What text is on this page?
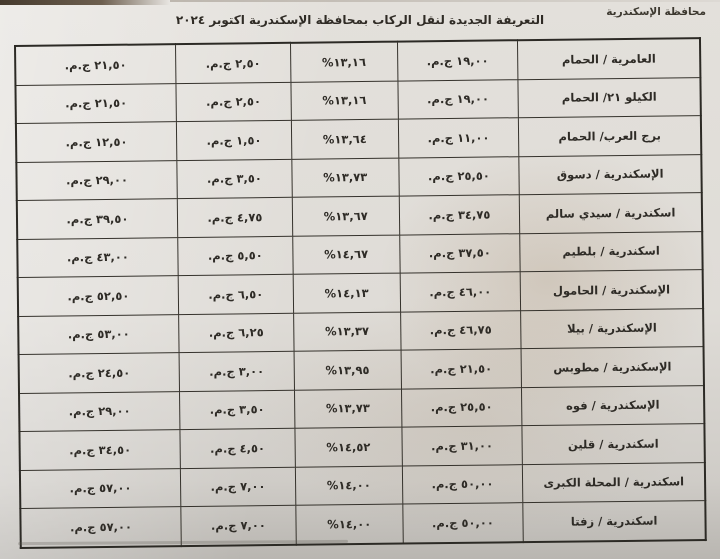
محافظة الإسكندرية
التعريفة الجديدة لنقل الركاب بمحافظة الإسكندرية اكتوبر ٢٠٢٤
العامرية / الحمام	١٩,٠٠ ج.م.	١٣,١٦%	٢,٥٠ ج.م.	٢١,٥٠ ج.م.
الكيلو ٢١/ الحمام	١٩,٠٠ ج.م.	١٣,١٦%	٢,٥٠ ج.م.	٢١,٥٠ ج.م.
برج العرب/ الحمام	١١,٠٠ ج.م.	١٣,٦٤%	١,٥٠ ج.م.	١٢,٥٠ ج.م.
الإسكندرية / دسوق	٢٥,٥٠ ج.م.	١٣,٧٣%	٣,٥٠ ج.م.	٢٩,٠٠ ج.م.
اسكندرية / سيدي سالم	٣٤,٧٥ ج.م.	١٣,٦٧%	٤,٧٥ ج.م.	٣٩,٥٠ ج.م.
اسكندرية / بلطيم	٣٧,٥٠ ج.م.	١٤,٦٧%	٥,٥٠ ج.م.	٤٣,٠٠ ج.م.
الإسكندرية / الحامول	٤٦,٠٠ ج.م.	١٤,١٣%	٦,٥٠ ج.م.	٥٢,٥٠ ج.م.
الإسكندرية / بيلا	٤٦,٧٥ ج.م.	١٣,٣٧%	٦,٢٥ ج.م.	٥٣,٠٠ ج.م.
الإسكندرية / مطوبس	٢١,٥٠ ج.م.	١٣,٩٥%	٣,٠٠ ج.م.	٢٤,٥٠ ج.م.
الإسكندرية / فوه	٢٥,٥٠ ج.م.	١٣,٧٣%	٣,٥٠ ج.م.	٢٩,٠٠ ج.م.
اسكندرية / قلين	٣١,٠٠ ج.م.	١٤,٥٢%	٤,٥٠ ج.م.	٣٤,٥٠ ج.م.
اسكندرية / المحلة الكبرى	٥٠,٠٠ ج.م.	١٤,٠٠%	٧,٠٠ ج.م.	٥٧,٠٠ ج.م.
اسكندرية / زفتا	٥٠,٠٠ ج.م.	١٤,٠٠%	٧,٠٠ ج.م.	٥٧,٠٠ ج.م.
